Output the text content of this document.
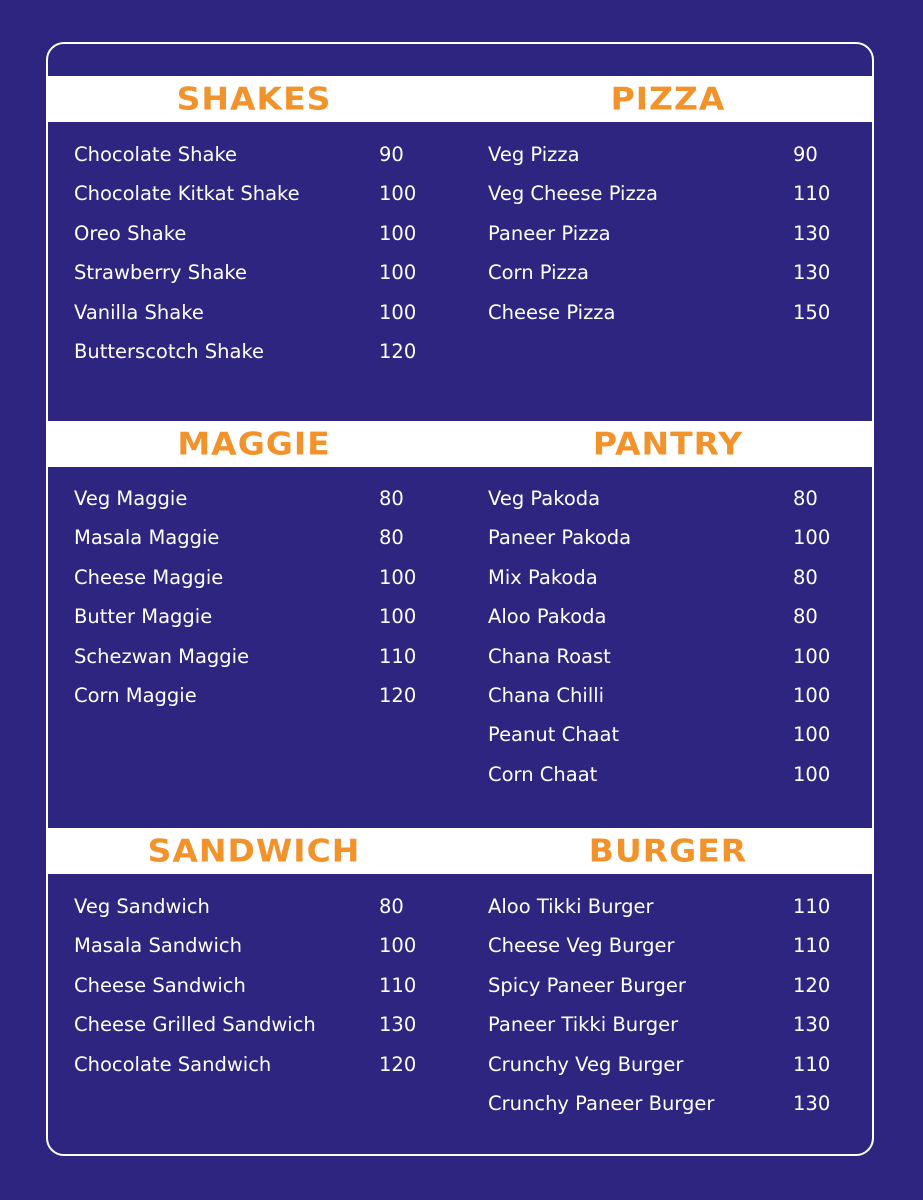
SHAKES	PIZZA
Chocolate Shake	90
Chocolate Kitkat Shake	100
Oreo Shake	100
Strawberry Shake	100
Vanilla Shake	100
Butterscotch Shake	120
Veg Pizza	90
Veg Cheese Pizza	110
Paneer Pizza	130
Corn Pizza	130
Cheese Pizza	150
MAGGIE	PANTRY
Veg Maggie	80
Masala Maggie	80
Cheese Maggie	100
Butter Maggie	100
Schezwan Maggie	110
Corn Maggie	120
Veg Pakoda	80
Paneer Pakoda	100
Mix Pakoda	80
Aloo Pakoda	80
Chana Roast	100
Chana Chilli	100
Peanut Chaat	100
Corn Chaat	100
SANDWICH	BURGER
Veg Sandwich	80
Masala Sandwich	100
Cheese Sandwich	110
Cheese Grilled Sandwich	130
Chocolate Sandwich	120
Aloo Tikki Burger	110
Cheese Veg Burger	110
Spicy Paneer Burger	120
Paneer Tikki Burger	130
Crunchy Veg Burger	110
Crunchy Paneer Burger	130
